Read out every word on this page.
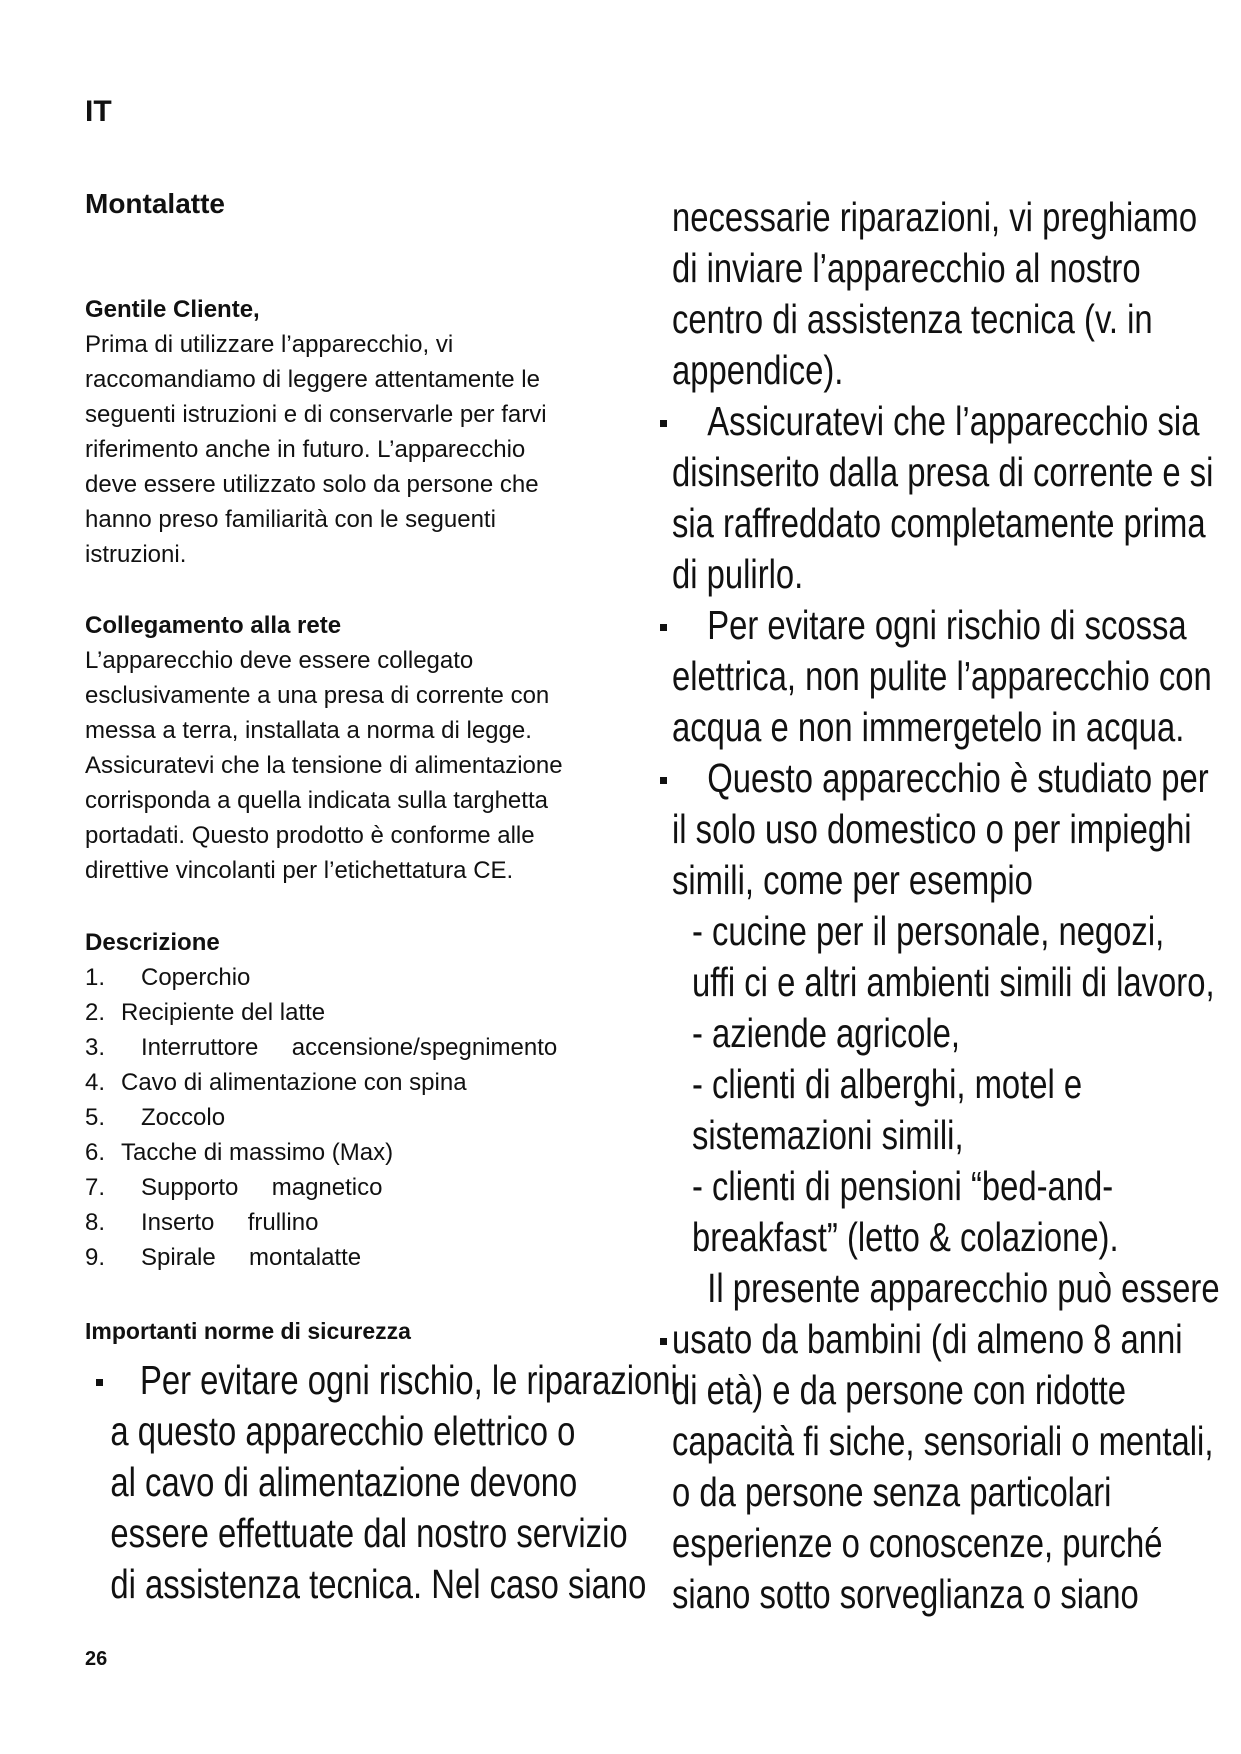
IT
Montalatte

Gentile Cliente,

Prima di utilizzare l’apparecchio, vi

raccomandiamo di leggere attentamente le

seguenti istruzioni e di conservarle per farvi

riferimento anche in futuro. L’apparecchio

deve essere utilizzato solo da persone che

hanno preso familiarità con le seguenti

istruzioni.

Collegamento alla rete

L’apparecchio deve essere collegato

esclusivamente a una presa di corrente con

messa a terra, installata a norma di legge.

Assicuratevi che la tensione di alimentazione

corrisponda a quella indicata sulla targhetta

portadati. Questo prodotto è conforme alle

direttive vincolanti per l’etichettatura CE.

Descrizione

1.	Coperchio
2. Recipiente del latte
3.	Interruttore     accensione/spegnimento
4. Cavo di alimentazione con spina
5.	Zoccolo
6. Tacche di massimo (Max)
7.	Supporto     magnetico
8.	Inserto     frullino
9.	Spirale     montalatte
Importanti norme di sicurezza
Per evitare ogni rischio, le riparazioni
a questo apparecchio elettrico o
al cavo di alimentazione devono
essere effettuate dal nostro servizio
di assistenza tecnica. Nel caso siano
necessarie riparazioni, vi preghiamo
di inviare l’apparecchio al nostro
centro di assistenza tecnica (v. in
appendice).
Assicuratevi che l’apparecchio sia
disinserito dalla presa di corrente e si
sia raffreddato completamente prima
di pulirlo.
Per evitare ogni rischio di scossa
elettrica, non pulite l’apparecchio con
acqua e non immergetelo in acqua.
Questo apparecchio è studiato per
il solo uso domestico o per impieghi
simili, come per esempio
- cucine per il personale, negozi,
uffi ci e altri ambienti simili di lavoro,
- aziende agricole,
- clienti di alberghi, motel e
sistemazioni simili,
- clienti di pensioni “bed-and-
breakfast” (letto & colazione).
Il presente apparecchio può essere
usato da bambini (di almeno 8 anni
di età) e da persone con ridotte
capacità fi siche, sensoriali o mentali,
o da persone senza particolari
esperienze o conoscenze, purché
siano sotto sorveglianza o siano
26
